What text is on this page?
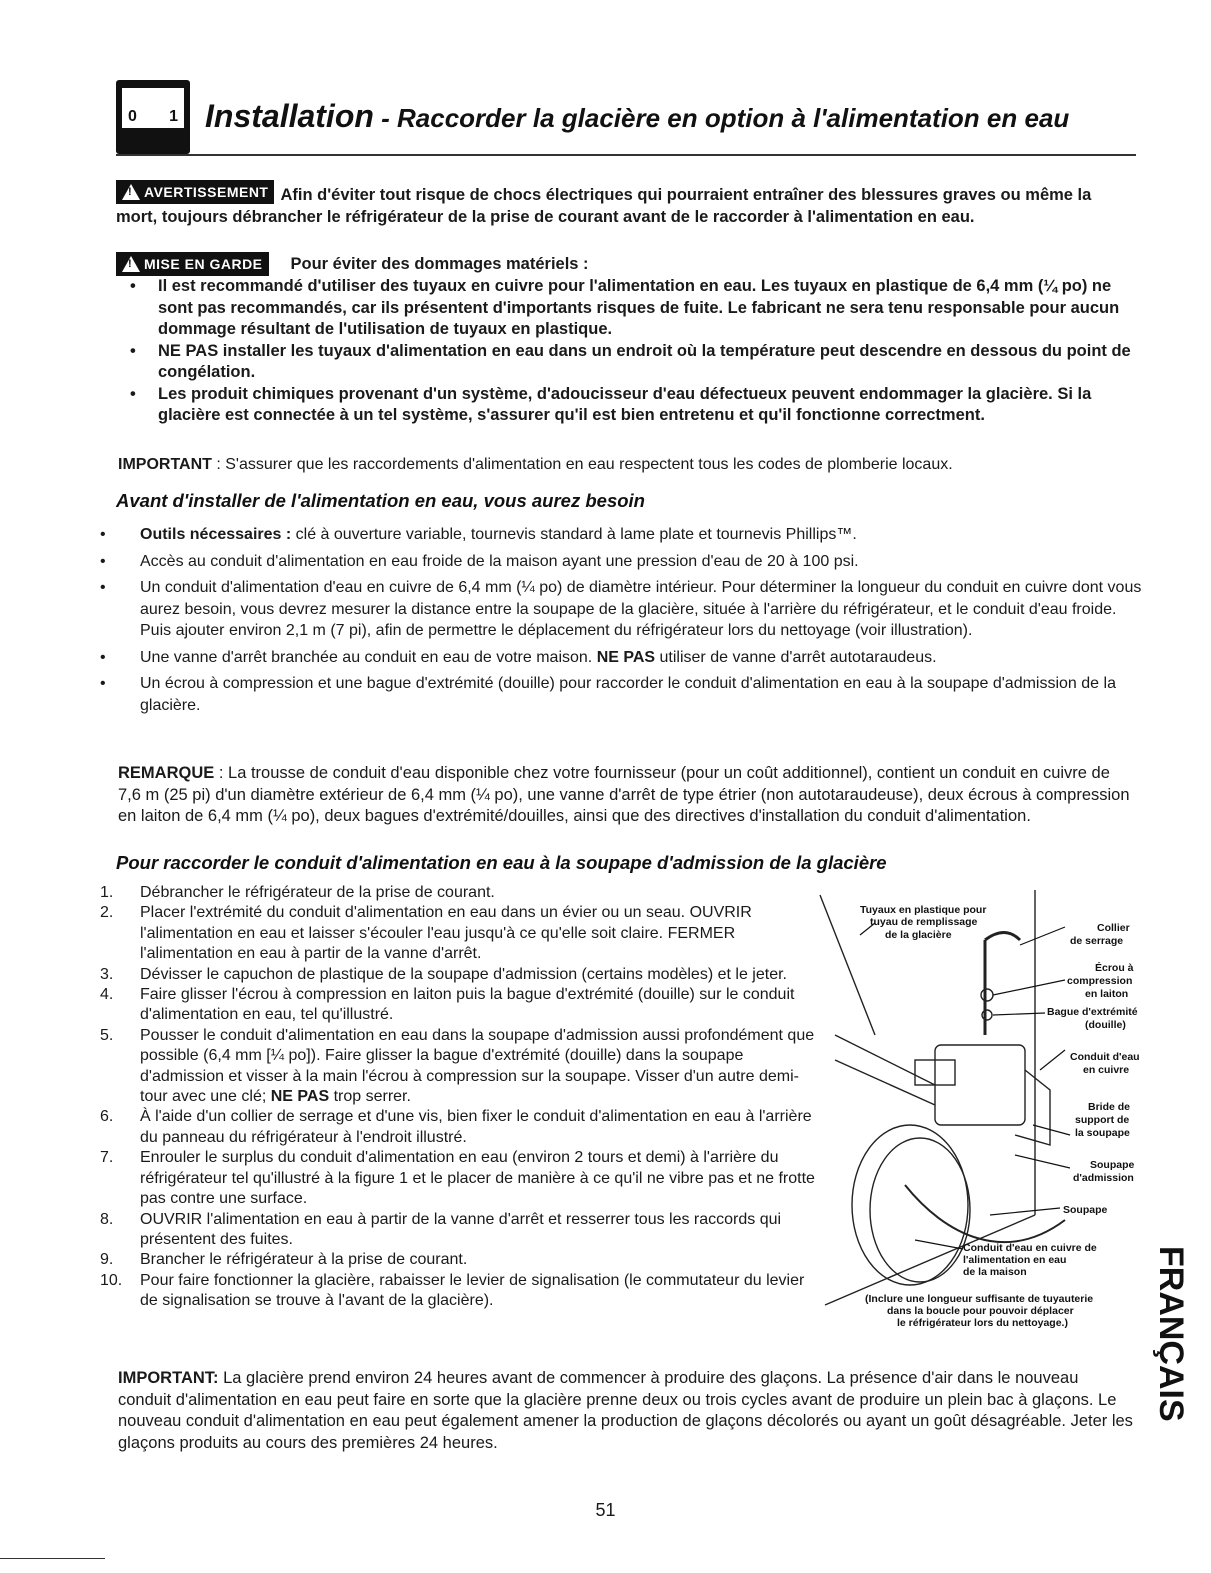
0 1 Installation - Raccorder la glacière en option à l'alimentation en eau
!
AVERTISSEMENT Afin d'éviter tout risque de chocs électriques qui pourraient entraîner des blessures graves ou même la mort, toujours débrancher le réfrigérateur de la prise de courant avant de le raccorder à l'alimentation en eau.
!
MISE EN GARDE Pour éviter des dommages matériels :
• Il est recommandé d'utiliser des tuyaux en cuivre pour l'alimentation en eau. Les tuyaux en plastique de 6,4 mm (¼ po) ne sont pas recommandés, car ils présentent d'importants risques de fuite. Le fabricant ne sera tenu responsable pour aucun dommage résultant de l'utilisation de tuyaux en plastique.
• NE PAS installer les tuyaux d'alimentation en eau dans un endroit où la température peut descendre en dessous du point de congélation.
• Les produit chimiques provenant d'un système, d'adoucisseur d'eau défectueux peuvent endommager la glacière. Si la glacière est connectée à un tel système, s'assurer qu'il est bien entretenu et qu'il fonctionne correctment.
IMPORTANT : S'assurer que les raccordements d'alimentation en eau respectent tous les codes de plomberie locaux.
Avant d'installer de l'alimentation en eau, vous aurez besoin
• Outils nécessaires : clé à ouverture variable, tournevis standard à lame plate et tournevis Phillips™.
• Accès au conduit d'alimentation en eau froide de la maison ayant une pression d'eau de 20 à 100 psi.
• Un conduit d'alimentation d'eau en cuivre de 6,4 mm (¼ po) de diamètre intérieur. Pour déterminer la longueur du conduit en cuivre dont vous aurez besoin, vous devrez mesurer la distance entre la soupape de la glacière, située à l'arrière du réfrigérateur, et le conduit d'eau froide. Puis ajouter environ 2,1 m (7 pi), afin de permettre le déplacement du réfrigérateur lors du nettoyage (voir illustration).
• Une vanne d'arrêt branchée au conduit en eau de votre maison. NE PAS utiliser de vanne d'arrêt autotaraudeus.
• Un écrou à compression et une bague d'extrémité (douille) pour raccorder le conduit d'alimentation en eau à la soupape d'admission de la glacière.
REMARQUE : La trousse de conduit d'eau disponible chez votre fournisseur (pour un coût additionnel), contient un conduit en cuivre de 7,6 m (25 pi) d'un diamètre extérieur de 6,4 mm (¼ po), une vanne d'arrêt de type étrier (non autotaraudeuse), deux écrous à compression en laiton de 6,4 mm (¼ po), deux bagues d'extrémité/douilles, ainsi que des directives d'installation du conduit d'alimentation.
Pour raccorder le conduit d'alimentation en eau à la soupape d'admission de la glacière
1. Débrancher le réfrigérateur de la prise de courant.
2. Placer l'extrémité du conduit d'alimentation en eau dans un évier ou un seau. OUVRIR l'alimentation en eau et laisser s'écouler l'eau jusqu'à ce qu'elle soit claire. FERMER l'alimentation en eau à partir de la vanne d'arrêt.
3. Dévisser le capuchon de plastique de la soupape d'admission (certains modèles) et le jeter.
4. Faire glisser l'écrou à compression en laiton puis la bague d'extrémité (douille) sur le conduit d'alimentation en eau, tel qu'illustré.
5. Pousser le conduit d'alimentation en eau dans la soupape d'admission aussi profondément que possible (6,4 mm [¼ po]). Faire glisser la bague d'extrémité (douille) dans la soupape d'admission et visser à la main l'écrou à compression sur la soupape. Visser d'un autre demi-tour avec une clé; NE PAS trop serrer.
6. À l'aide d'un collier de serrage et d'une vis, bien fixer le conduit d'alimentation en eau à l'arrière du panneau du réfrigérateur à l'endroit illustré.
7. Enrouler le surplus du conduit d'alimentation en eau (environ 2 tours et demi) à l'arrière du réfrigérateur tel qu'illustré à la figure 1 et le placer de manière à ce qu'il ne vibre pas et ne frotte pas contre une surface.
8. OUVRIR l'alimentation en eau à partir de la vanne d'arrêt et resserrer tous les raccords qui présentent des fuites.
9. Brancher le réfrigérateur à la prise de courant.
10. Pour faire fonctionner la glacière, rabaisser le levier de signalisation (le commutateur du levier de signalisation se trouve à l'avant de la glacière).
Tuyaux en plastique pour
tuyau de remplissage
de la glacière
Collier
de serrage
Écrou à
compression
en laiton
Bague d'extrémité
(douille)
Conduit d'eau
en cuivre
Bride de
support de
la soupape
Soupape
d'admission
Soupape
Conduit d'eau en cuivre de
l'alimentation en eau
de la maison
(Inclure une longueur suffisante de tuyauterie
dans la boucle pour pouvoir déplacer
le réfrigérateur lors du nettoyage.) FRANÇAIS
IMPORTANT: La glacière prend environ 24 heures avant de commencer à produire des glaçons. La présence d'air dans le nouveau conduit d'alimentation en eau peut faire en sorte que la glacière prenne deux ou trois cycles avant de produire un plein bac à glaçons. Le nouveau conduit d'alimentation en eau peut également amener la production de glaçons décolorés ou ayant un goût désagréable. Jeter les glaçons produits au cours des premières 24 heures.
51
